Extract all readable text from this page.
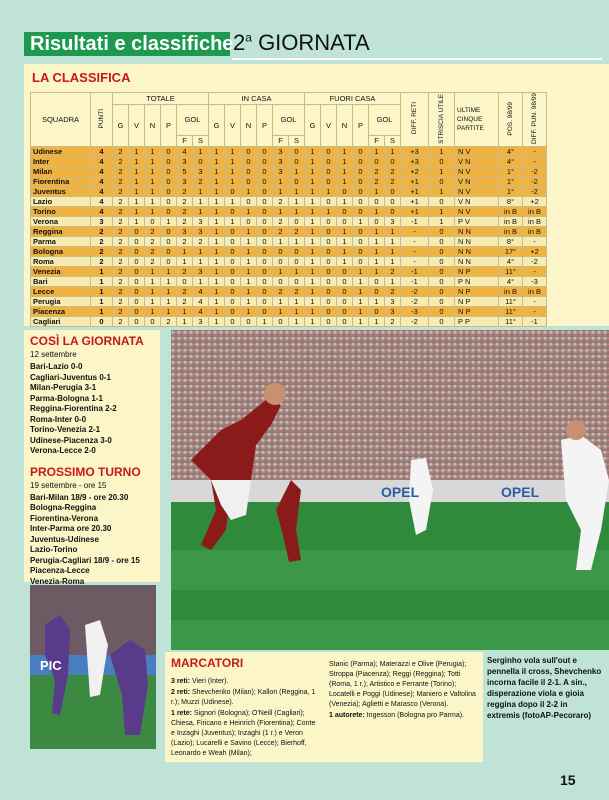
Risultati e classifiche 2$^a$ GIORNATA
LA CLASSIFICA
SQUADRA	PUNTI	TOTALE						IN CASA						FUORI CASA						DIFF. RETI	STRISCIA UTILE	ULTIME CINQUE PARTITE	POS. 98/99	DIFF. PUN. 98/99
		G	V	N	P	GOL		G	V	N	P	GOL		G	V	N	P	GOL						
						F	S					F	S					F	S					
Udinese	4	2	1	1	0	4	1	1	1	0	0	3	0	1	0	1	0	1	1	+3	1	N V	4°	-
Inter	4	2	1	1	0	3	0	1	1	0	0	3	0	1	0	1	0	0	0	+3	0	V N	4°	-
Milan	4	2	1	1	0	5	3	1	1	0	0	3	1	1	0	1	0	2	2	+2	1	N V	1°	-2
Fiorentina	4	2	1	1	0	3	2	1	1	0	0	1	0	1	0	1	0	2	2	+1	0	V N	1°	-2
Juventus	4	2	1	1	0	2	1	1	0	1	0	1	1	1	1	0	0	1	0	+1	1	N V	1°	-2
Lazio	4	2	1	1	0	2	1	1	1	0	0	2	1	1	0	1	0	0	0	+1	0	V N	8°	+2
Torino	4	2	1	1	0	2	1	1	0	1	0	1	1	1	1	0	0	1	0	+1	1	N V	in B	in B
Verona	3	2	1	0	1	2	3	1	1	0	0	2	0	1	0	0	1	0	3	-1	1	P V	in B	in B
Reggina	2	2	0	2	0	3	3	1	0	1	0	2	2	1	0	1	0	1	1	-	0	N N	in B	in B
Parma	2	2	0	2	0	2	2	1	0	1	0	1	1	1	0	1	0	1	1	-	0	N N	8°	-
Bologna	2	2	0	2	0	1	1	1	0	1	0	0	0	1	0	1	0	1	1	-	0	N N	17°	+2
Roma	2	2	0	2	0	1	1	1	0	1	0	0	0	1	0	1	0	1	1	-	0	N N	4°	-2
Venezia	1	2	0	1	1	2	3	1	0	1	0	1	1	1	0	0	1	1	2	-1	0	N P	11°	-
Bari	1	2	0	1	1	0	1	1	0	1	0	0	0	1	0	0	1	0	1	-1	0	P N	4°	-3
Lecce	1	2	0	1	1	2	4	1	0	1	0	2	2	1	0	0	1	0	2	-2	0	N P	in B	in B
Perugia	1	2	0	1	1	2	4	1	0	1	0	1	1	1	0	0	1	1	3	-2	0	N P	11°	-
Piacenza	1	2	0	1	1	1	4	1	0	1	0	1	1	1	0	0	1	0	3	-3	0	N P	11°	-
Cagliari	0	2	0	0	2	1	3	1	0	0	1	0	1	1	0	0	1	1	2	-2	0	P P	11°	-1
COSÌ LA GIORNATA
12 settembre
Bari-Lazio 0-0
Cagliari-Juventus 0-1
Milan-Perugia 3-1
Parma-Bologna 1-1
Reggina-Fiorentina 2-2
Roma-Inter 0-0
Torino-Venezia 2-1
Udinese-Piacenza 3-0
Verona-Lecce 2-0
PROSSIMO TURNO
19 settembre - ore 15
Bari-Milan 18/9 - ore 20.30
Bologna-Reggina
Fiorentina-Verona
Inter-Parma ore 20.30
Juventus-Udinese
Lazio-Torino
Perugia-Cagliari 18/9 - ore 15
Piacenza-Lecce
Venezia-Roma
OPEL	OPEL
PIC	MARCATORI
3 reti: Vieri (Inter).
2 reti: Shevchenko (Milan); Kallon (Reggina, 1 r.); Muzzi (Udinese).
1 rete: Signori (Bologna); O'Neill (Cagliari); Chiesa, Firicano e Heinrich (Fiorentina); Conte e Inzaghi (Juventus); Inzaghi (1 r.) e Veron (Lazio); Lucarelli e Savino (Lecce); Bierhoff, Leonardo e Weah (Milan);
Stanic (Parma); Materazzi e Olive (Perugia); Stroppa (Piacenza); Reggi (Reggina); Totti (Roma, 1 r.); Artistico e Ferrante (Torino); Locatelli e Poggi (Udinese); Maniero e Valtolina (Venezia); Aglietti e Marasco (Verona).
1 autorete: Ingesson (Bologna pro Parma).
Serginho vola sull'out e pennella il cross, Shevchenko incorna facile il 2-1. A sin., disperazione viola e gioia reggina dopo il 2-2 in extremis (fotoAP-Pecoraro)
15
